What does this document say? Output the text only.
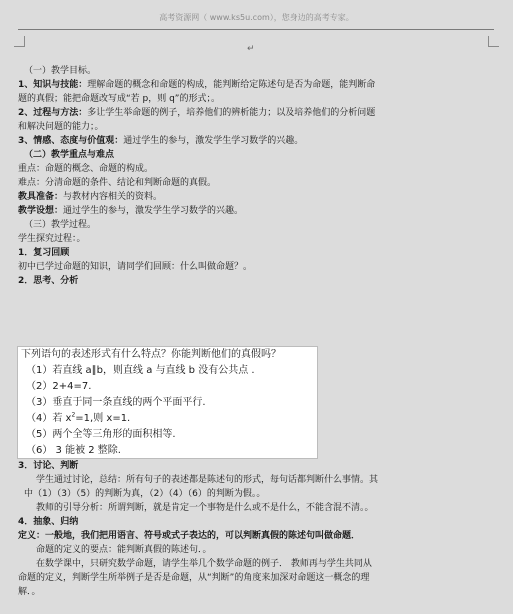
高考资源网（ www.ks5u.com），您身边的高考专家。
↵
（一）教学目标。
1、知识与技能：理解命题的概念和命题的构成，能判断给定陈述句是否为命题，能判断命
题的真假；能把命题改写成“若 p，则 q”的形式；。
2、过程与方法：多让学生举命题的例子，培养他们的辨析能力；以及培养他们的分析问题
和解决问题的能力；。
3、情感、态度与价值观：通过学生的参与，激发学生学习数学的兴趣。
（二）教学重点与难点
重点：命题的概念、命题的构成。
难点：分清命题的条件、结论和判断命题的真假。
教具准备：与教材内容相关的资料。
教学设想：通过学生的参与，激发学生学习数学的兴趣。
（三）教学过程。
学生探究过程：。
1．复习回顾
初中已学过命题的知识，请同学们回顾：什么叫做命题？。
2．思考、分析
下列语句的表述形式有什么特点？你能判断他们的真假吗？
（1）若直线 a∥b，则直线 a 与直线 b 没有公共点 .
（2）2+4=7.
（3）垂直于同一条直线的两个平面平行.
（4）若 $x^2=1$,则 x=1.
（5）两个全等三角形的面积相等.
（6） 3 能被 2 整除.
3．讨论、判断
学生通过讨论，总结：所有句子的表述都是陈述句的形式，每句话都判断什么事情。其
中（1）（3）（5）的判断为真，（2）（4）（6）的判断为假。。
教师的引导分析：所谓判断，就是肯定一个事物是什么或不是什么，不能含混不清。。
4．抽象、归纳
定义：一般地，我们把用语言、符号或式子表达的，可以判断真假的陈述句叫做命题．
命题的定义的要点：能判断真假的陈述句．。
在数学课中，只研究数学命题，请学生举几个数学命题的例子． 教师再与学生共同从
命题的定义，判断学生所举例子是否是命题，从“判断”的角度来加深对命题这一概念的理
解．。
